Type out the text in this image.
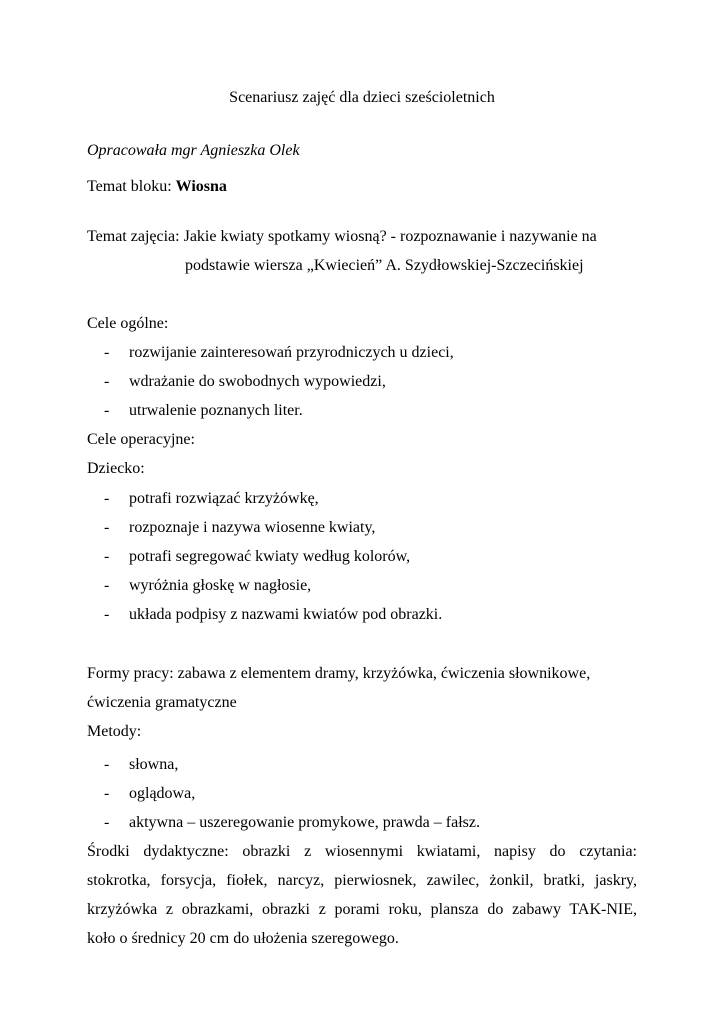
Scenariusz zajęć dla dzieci sześcioletnich
Opracowała mgr Agnieszka Olek
Temat bloku: Wiosna
Temat zajęcia: Jakie kwiaty spotkamy wiosną? - rozpoznawanie i nazywanie na
podstawie wiersza „Kwiecień” A. Szydłowskiej-Szczecińskiej
Cele ogólne:
- rozwijanie zainteresowań przyrodniczych u dzieci,
- wdrażanie do swobodnych wypowiedzi,
- utrwalenie poznanych liter.
Cele operacyjne:
Dziecko:
- potrafi rozwiązać krzyżówkę,
- rozpoznaje i nazywa wiosenne kwiaty,
- potrafi segregować kwiaty według kolorów,
- wyróżnia głoskę w nagłosie,
- układa podpisy z nazwami kwiatów pod obrazki.
Formy pracy: zabawa z elementem dramy, krzyżówka, ćwiczenia słownikowe,
ćwiczenia gramatyczne
Metody:
- słowna,
- oglądowa,
- aktywna – uszeregowanie promykowe, prawda – fałsz.
Środki dydaktyczne: obrazki z wiosennymi kwiatami, napisy do czytania:
stokrotka, forsycja, fiołek, narcyz, pierwiosnek, zawilec, żonkil, bratki, jaskry,
krzyżówka z obrazkami, obrazki z porami roku, plansza do zabawy TAK-NIE,
koło o średnicy 20 cm do ułożenia szeregowego.
